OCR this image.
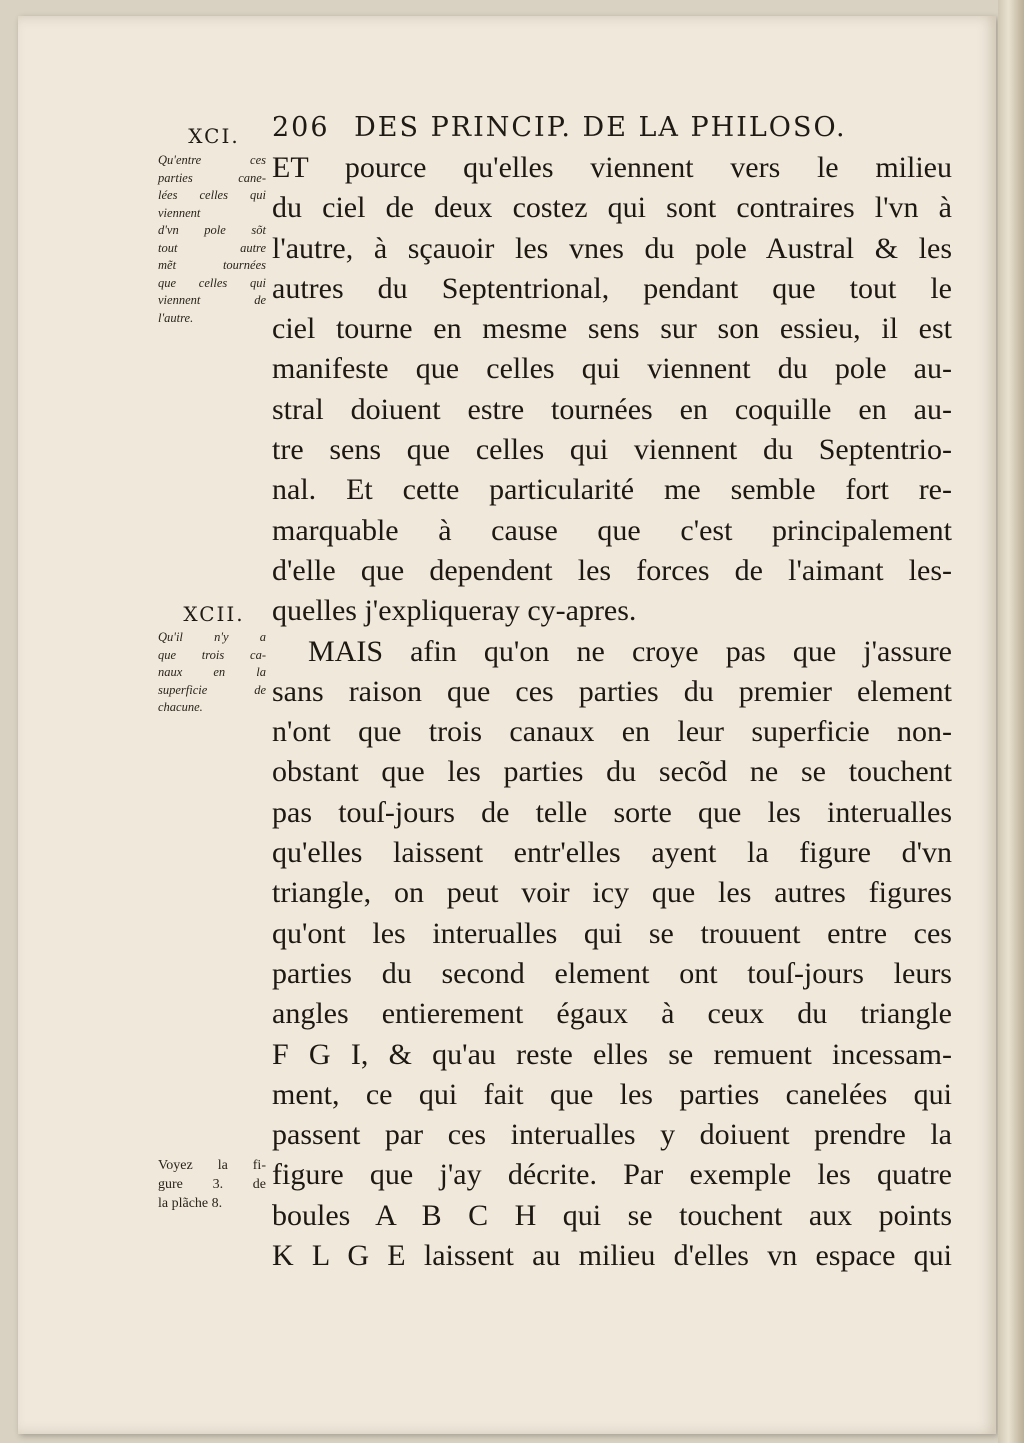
206 DES PRINCIP. DE LA PHILOSO.
XCI.
Qu'entre ces
parties cane-
lées celles qui
viennent
d'vn pole sõt
tout autre
mẽt tournées
que celles qui
viennent de
l'autre.
XCII.
Qu'il n'y a
que trois ca-
naux en la
superficie de
chacune.
Voyez la fi-
gure 3. de
la plãche 8.
ET pource qu'elles viennent vers le milieu
du ciel de deux costez qui sont contraires l'vn à
l'autre, à sçauoir les vnes du pole Austral & les
autres du Septentrional, pendant que tout le
ciel tourne en mesme sens sur son essieu, il est
manifeste que celles qui viennent du pole au-
stral doiuent estre tournées en coquille en au-
tre sens que celles qui viennent du Septentrio-
nal. Et cette particularité me semble fort re-
marquable à cause que c'est principalement
d'elle que dependent les forces de l'aimant les-
quelles j'expliqueray cy-apres.
MAIS afin qu'on ne croye pas que j'assure
sans raison que ces parties du premier element
n'ont que trois canaux en leur superficie non-
obstant que les parties du secõd ne se touchent
pas touſ-jours de telle sorte que les interualles
qu'elles laissent entr'elles ayent la figure d'vn
triangle, on peut voir icy que les autres figures
qu'ont les interualles qui se trouuent entre ces
parties du second element ont touſ-jours leurs
angles entierement égaux à ceux du triangle
F G I, & qu'au reste elles se remuent incessam-
ment, ce qui fait que les parties canelées qui
passent par ces interualles y doiuent prendre la
figure que j'ay décrite. Par exemple les quatre
boules A B C H qui se touchent aux points
K L G E laissent au milieu d'elles vn espace qui
